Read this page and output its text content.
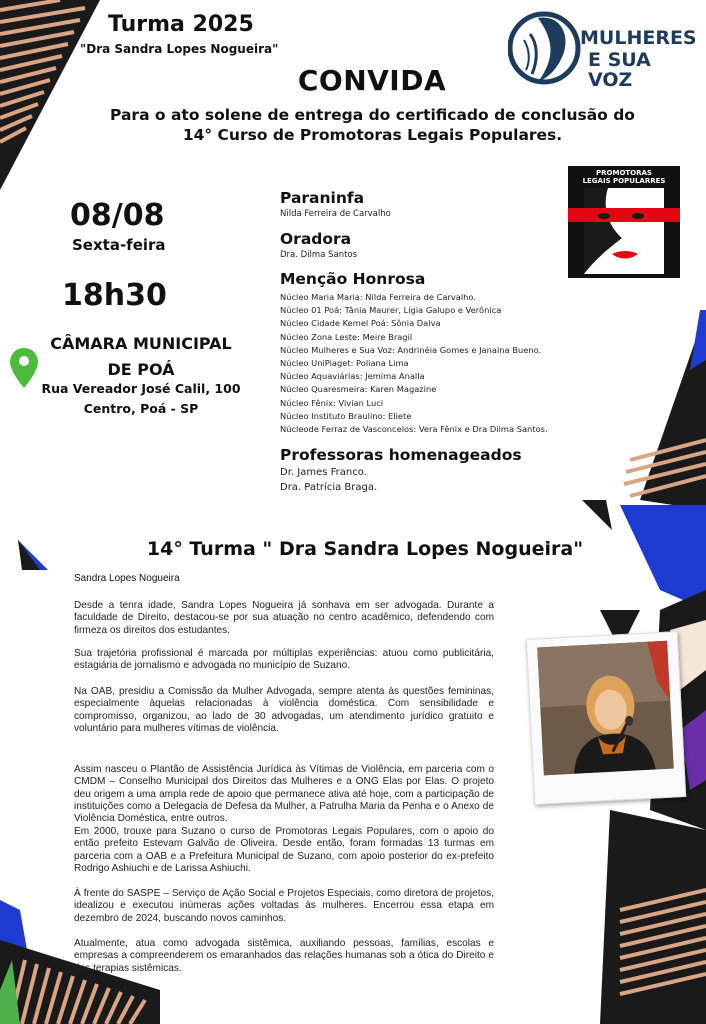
Turma 2025
"Dra Sandra Lopes Nogueira"
CONVIDA
Para o ato solene de entrega do certificado de conclusão do
14° Curso de Promotoras Legais Populares.
MULHERES
E SUA VOZ
08/08
Sexta-feira
18h30
CÂMARA MUNICIPAL
DE POÁ
Rua Vereador José Calil, 100
Centro, Poá - SP
Paraninfa
Nilda Ferreira de Carvalho
Oradora
Dra. Dilma Santos
Menção Honrosa
Núcleo Maria Maria: Nilda Ferreira de Carvalho.
Núcleo 01 Poá: Tânia Maurer, Lígia Galupo e Verônica
Núcleo Cidade Kemel Poá: Sônia Dalva
Núcleo Zona Leste: Meire Bragil
Núcleo Mulheres e Sua Voz: Andrinéia Gomes e Janaina Bueno.
Núcleo UniPiaget: Poliana Lima
Núcleo Aquaviárias: Jemima Analla
Núcleo Quaresmeira: Karen Magazine
Núcleo Fênix: Vivian Luci
Núcleo Instituto Braulino: Eliete
Núcleode Ferraz de Vasconcelos: Vera Fênix e Dra Dilma Santos.
Professoras homenageados
Dr. James Franco.
Dra. Patrícia Braga.
PROMOTORAS
LEGAIS POPULARRES
14° Turma " Dra Sandra Lopes Nogueira"
Sandra Lopes Nogueira
Desde a tenra idade, Sandra Lopes Nogueira já sonhava em ser advogada. Durante a faculdade de Direito, destacou-se por sua atuação no centro acadêmico, defendendo com firmeza os direitos dos estudantes.
Sua trajetória profissional é marcada por múltiplas experiências: atuou como publicitária, estagiária de jornalismo e advogada no município de Suzano.
Na OAB, presidiu a Comissão da Mulher Advogada, sempre atenta às questões femininas, especialmente àquelas relacionadas à violência doméstica. Com sensibilidade e compromisso, organizou, ao lado de 30 advogadas, um atendimento jurídico gratuito e voluntário para mulheres vítimas de violência.
Assim nasceu o Plantão de Assistência Jurídica às Vítimas de Violência, em parceria com o CMDM – Conselho Municipal dos Direitos das Mulheres e a ONG Elas por Elas. O projeto deu origem a uma ampla rede de apoio que permanece ativa até hoje, com a participação de instituições como a Delegacia de Defesa da Mulher, a Patrulha Maria da Penha e o Anexo de Violência Doméstica, entre outros.
Em 2000, trouxe para Suzano o curso de Promotoras Legais Populares, com o apoio do então prefeito Estevam Galvão de Oliveira. Desde então, foram formadas 13 turmas em parceria com a OAB e a Prefeitura Municipal de Suzano, com apoio posterior do ex-prefeito Rodrigo Ashiuchi e de Larissa Ashiuchi.
À frente do SASPE – Serviço de Ação Social e Projetos Especiais, como diretora de projetos, idealizou e executou inúmeras ações voltadas às mulheres. Encerrou essa etapa em dezembro de 2024, buscando novos caminhos.
Atualmente, atua como advogada sistêmica, auxiliando pessoas, famílias, escolas e empresas a compreenderem os emaranhados das relações humanas sob a ótica do Direito e das terapias sistêmicas.
